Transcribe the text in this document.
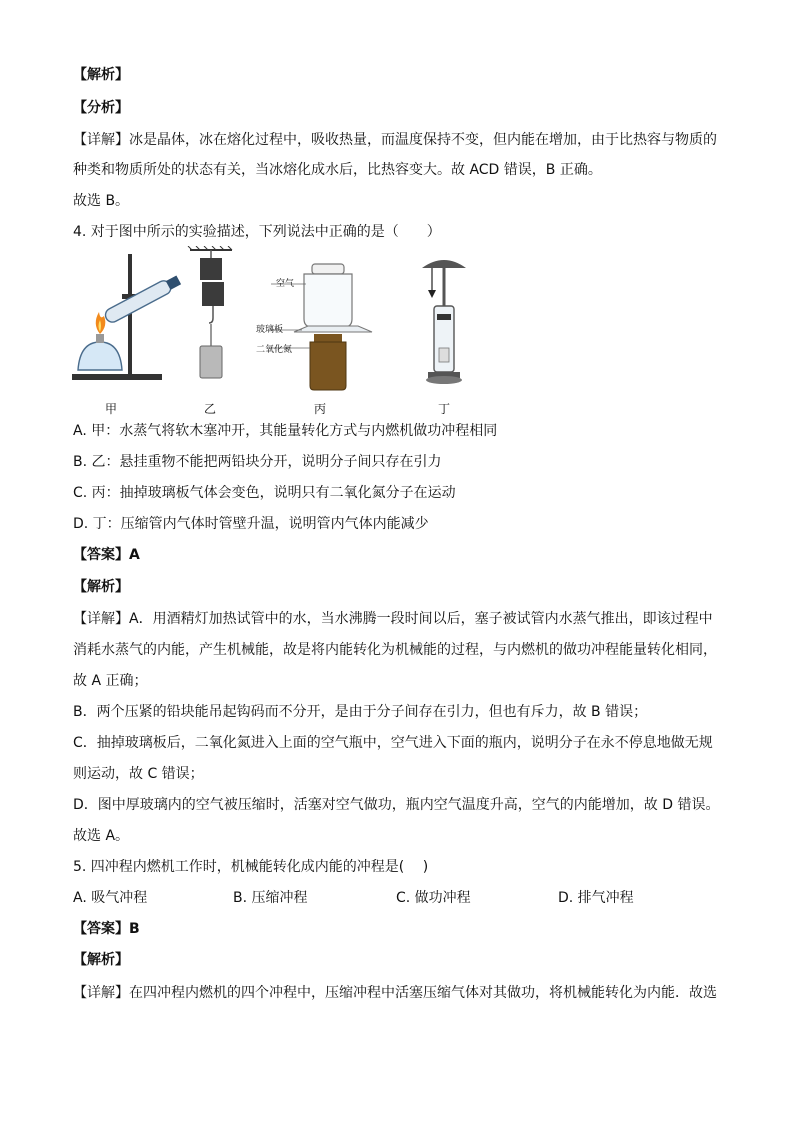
【解析】
【分析】
【详解】冰是晶体，冰在熔化过程中，吸收热量，而温度保持不变，但内能在增加，由于比热容与物质的
种类和物质所处的状态有关，当冰熔化成水后，比热容变大。故 ACD 错误，B 正确。
故选 B。
4. 对于图中所示的实验描述，下列说法中正确的是（　　）
空气
玻璃板
二氧化氮
甲	乙	丙	丁
A. 甲：水蒸气将软木塞冲开，其能量转化方式与内燃机做功冲程相同
B. 乙：悬挂重物不能把两铅块分开，说明分子间只存在引力
C. 丙：抽掉玻璃板气体会变色，说明只有二氧化氮分子在运动
D. 丁：压缩管内气体时管壁升温，说明管内气体内能减少
【答案】A
【解析】
【详解】A．用酒精灯加热试管中的水，当水沸腾一段时间以后，塞子被试管内水蒸气推出，即该过程中
消耗水蒸气的内能，产生机械能，故是将内能转化为机械能的过程，与内燃机的做功冲程能量转化相同，
故 A 正确；
B．两个压紧的铅块能吊起钩码而不分开，是由于分子间存在引力，但也有斥力，故 B 错误；
C．抽掉玻璃板后，二氧化氮进入上面的空气瓶中，空气进入下面的瓶内，说明分子在永不停息地做无规
则运动，故 C 错误；
D．图中厚玻璃内的空气被压缩时，活塞对空气做功，瓶内空气温度升高，空气的内能增加，故 D 错误。
故选 A。
5. 四冲程内燃机工作时，机械能转化成内能的冲程是(　 )
A. 吸气冲程	B. 压缩冲程	C. 做功冲程	D. 排气冲程
【答案】B
【解析】
【详解】在四冲程内燃机的四个冲程中，压缩冲程中活塞压缩气体对其做功，将机械能转化为内能．故选
